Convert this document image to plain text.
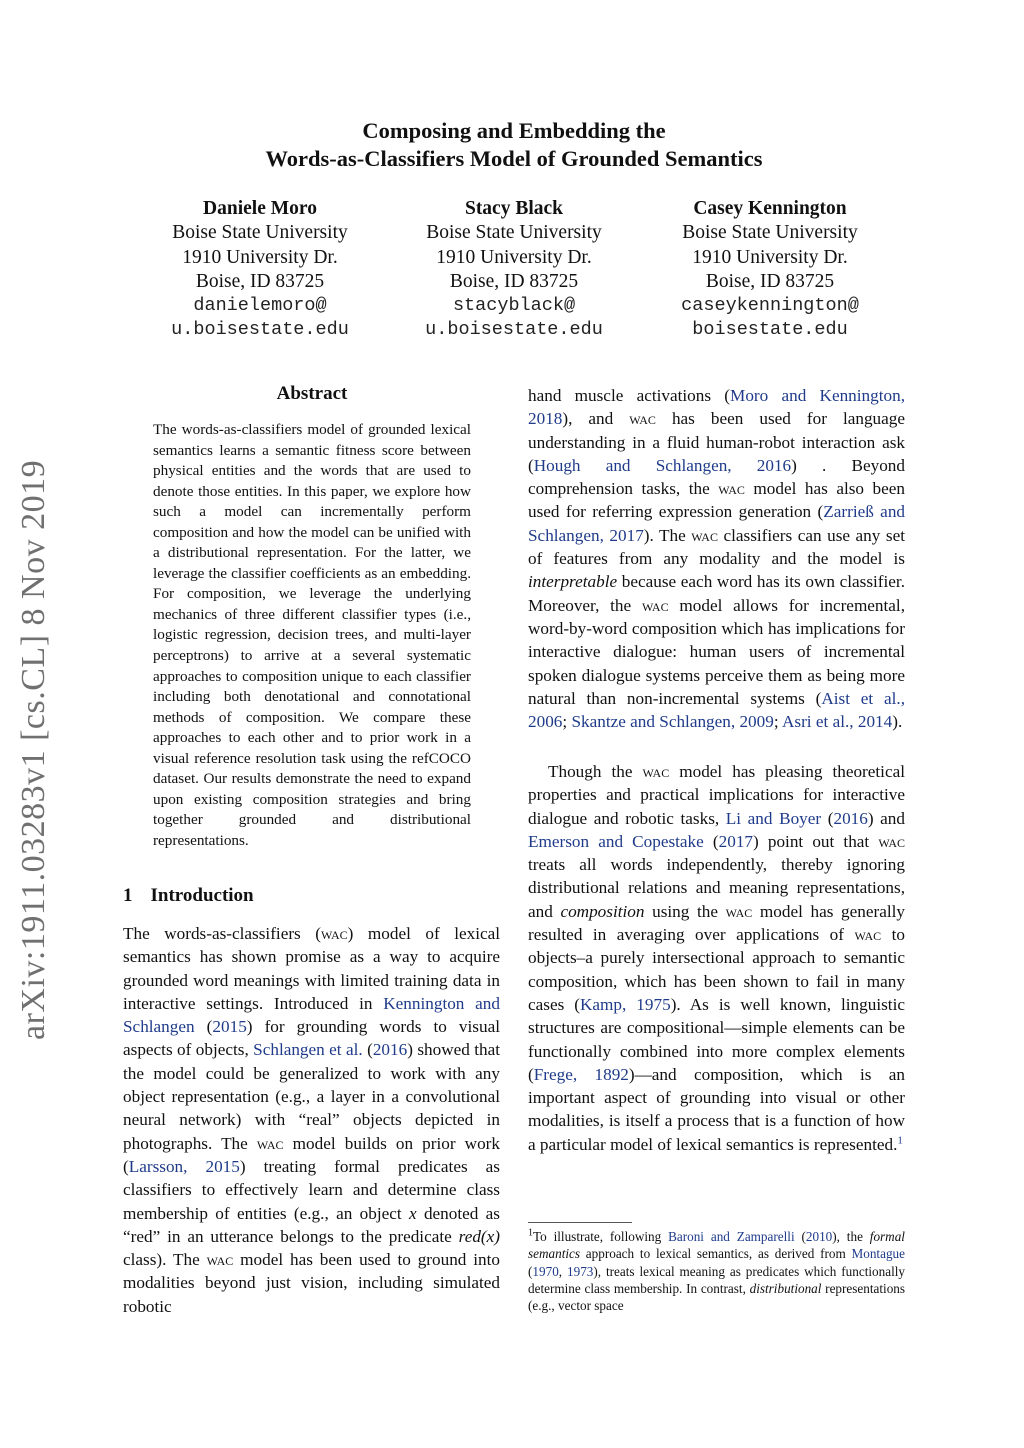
arXiv:1911.03283v1 [cs.CL] 8 Nov 2019
Composing and Embedding the
Words-as-Classifiers Model of Grounded Semantics
Daniele Moro
Boise State University
1910 University Dr.
Boise, ID 83725
danielemoro@
u.boisestate.edu
Stacy Black
Boise State University
1910 University Dr.
Boise, ID 83725
stacyblack@
u.boisestate.edu
Casey Kennington
Boise State University
1910 University Dr.
Boise, ID 83725
caseykennington@
boisestate.edu
Abstract

The words-as-classifiers model of grounded lexical semantics learns a semantic fitness score between physical entities and the words that are used to denote those entities. In this paper, we explore how such a model can incrementally perform composition and how the model can be unified with a distributional representation. For the latter, we leverage the classifier coefficients as an embedding. For composition, we leverage the underlying mechanics of three different classifier types (i.e., logistic regression, decision trees, and multi-layer perceptrons) to arrive at a several systematic approaches to composition unique to each classifier including both denotational and connotational methods of composition. We compare these approaches to each other and to prior work in a visual reference resolution task using the refCOCO dataset. Our results demonstrate the need to expand upon existing composition strategies and bring together grounded and distributional representations.

1 Introduction

The words-as-classifiers (wac) model of lexical semantics has shown promise as a way to acquire grounded word meanings with limited training data in interactive settings. Introduced in Kennington and Schlangen (2015) for grounding words to visual aspects of objects, Schlangen et al. (2016) showed that the model could be generalized to work with any object representation (e.g., a layer in a convolutional neural network) with “real” objects depicted in photographs. The wac model builds on prior work (Larsson, 2015) treating formal predicates as classifiers to effectively learn and determine class membership of entities (e.g., an object x denoted as “red” in an utterance belongs to the predicate red(x) class). The wac model has been used to ground into modalities beyond just vision, including simulated robotic

hand muscle activations (Moro and Kennington, 2018), and wac has been used for language understanding in a fluid human-robot interaction ask (Hough and Schlangen, 2016) . Beyond comprehension tasks, the wac model has also been used for referring expression generation (Zarrieß and Schlangen, 2017). The wac classifiers can use any set of features from any modality and the model is interpretable because each word has its own classifier. Moreover, the wac model allows for incremental, word-by-word composition which has implications for interactive dialogue: human users of incremental spoken dialogue systems perceive them as being more natural than non-incremental systems (Aist et al., 2006; Skantze and Schlangen, 2009; Asri et al., 2014).

Though the wac model has pleasing theoretical properties and practical implications for interactive dialogue and robotic tasks, Li and Boyer (2016) and Emerson and Copestake (2017) point out that wac treats all words independently, thereby ignoring distributional relations and meaning representations, and composition using the wac model has generally resulted in averaging over applications of wac to objects–a purely intersectional approach to semantic composition, which has been shown to fail in many cases (Kamp, 1975). As is well known, linguistic structures are compositional—simple elements can be functionally combined into more complex elements (Frege, 1892)—and composition, which is an important aspect of grounding into visual or other modalities, is itself a process that is a function of how a particular model of lexical semantics is represented.$^1$

$^1$To illustrate, following Baroni and Zamparelli (2010), the formal semantics approach to lexical semantics, as derived from Montague (1970, 1973), treats lexical meaning as predicates which functionally determine class membership. In contrast, distributional representations (e.g., vector space
